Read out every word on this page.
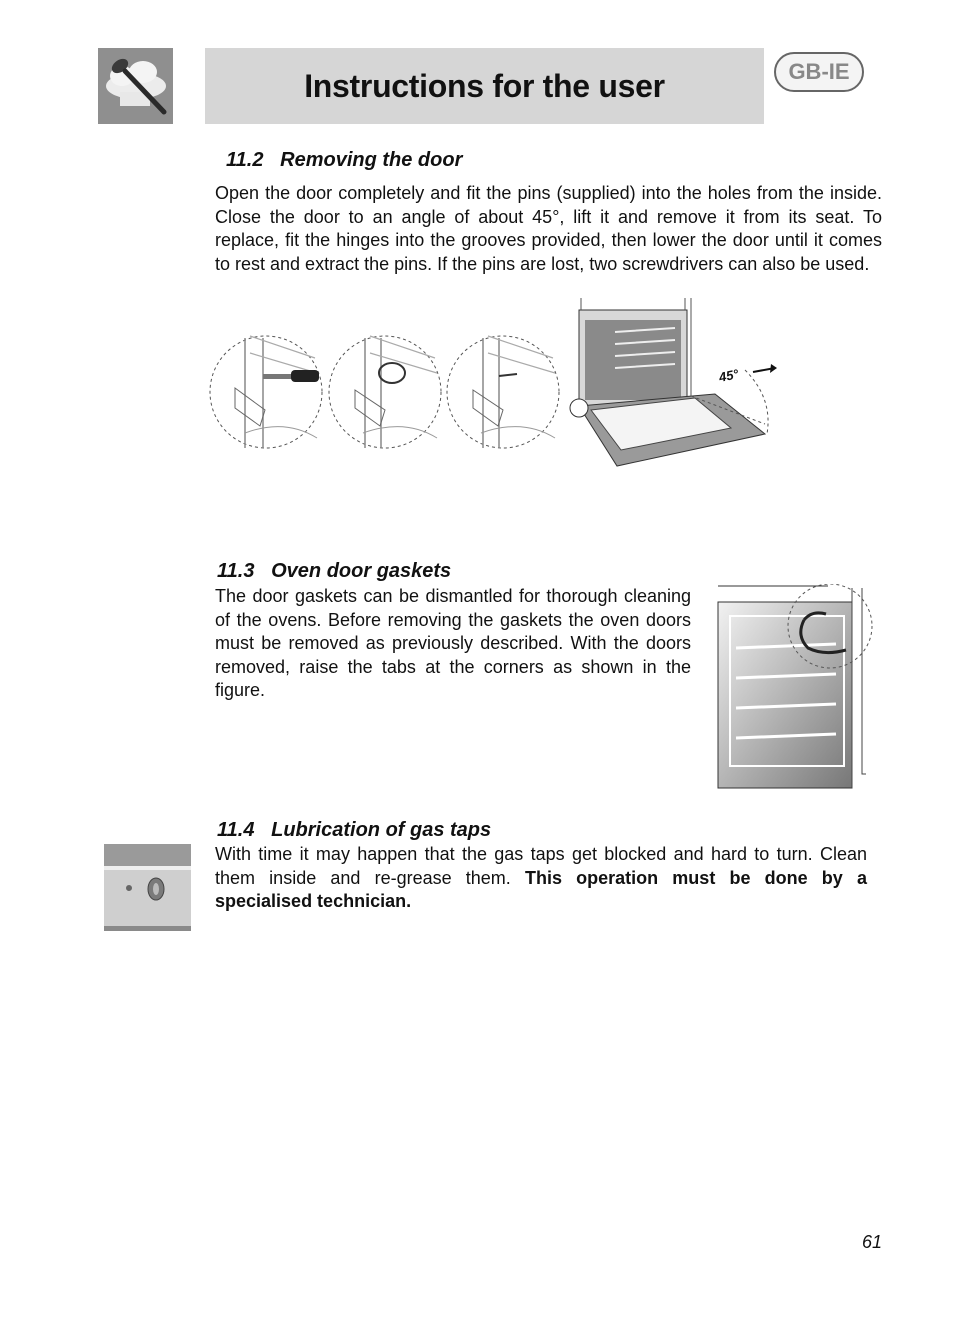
Instructions for the user	GB-IE
11.2 Removing the door
Open the door completely and fit the pins (supplied) into the holes from the inside. Close the door to an angle of about 45°, lift it and remove it from its seat. To replace, fit the hinges into the grooves provided, then lower the door until it comes to rest and extract the pins. If the pins are lost, two screwdrivers can also be used.
45°
11.3 Oven door gaskets
The door gaskets can be dismantled for thorough cleaning of the ovens. Before removing the gaskets the oven doors must be removed as previously described. With the doors removed, raise the tabs at the corners as shown in the figure.
11.4 Lubrication of gas taps
With time it may happen that the gas taps get blocked and hard to turn. Clean them inside and re-grease them. This operation must be done by a specialised technician.
61
